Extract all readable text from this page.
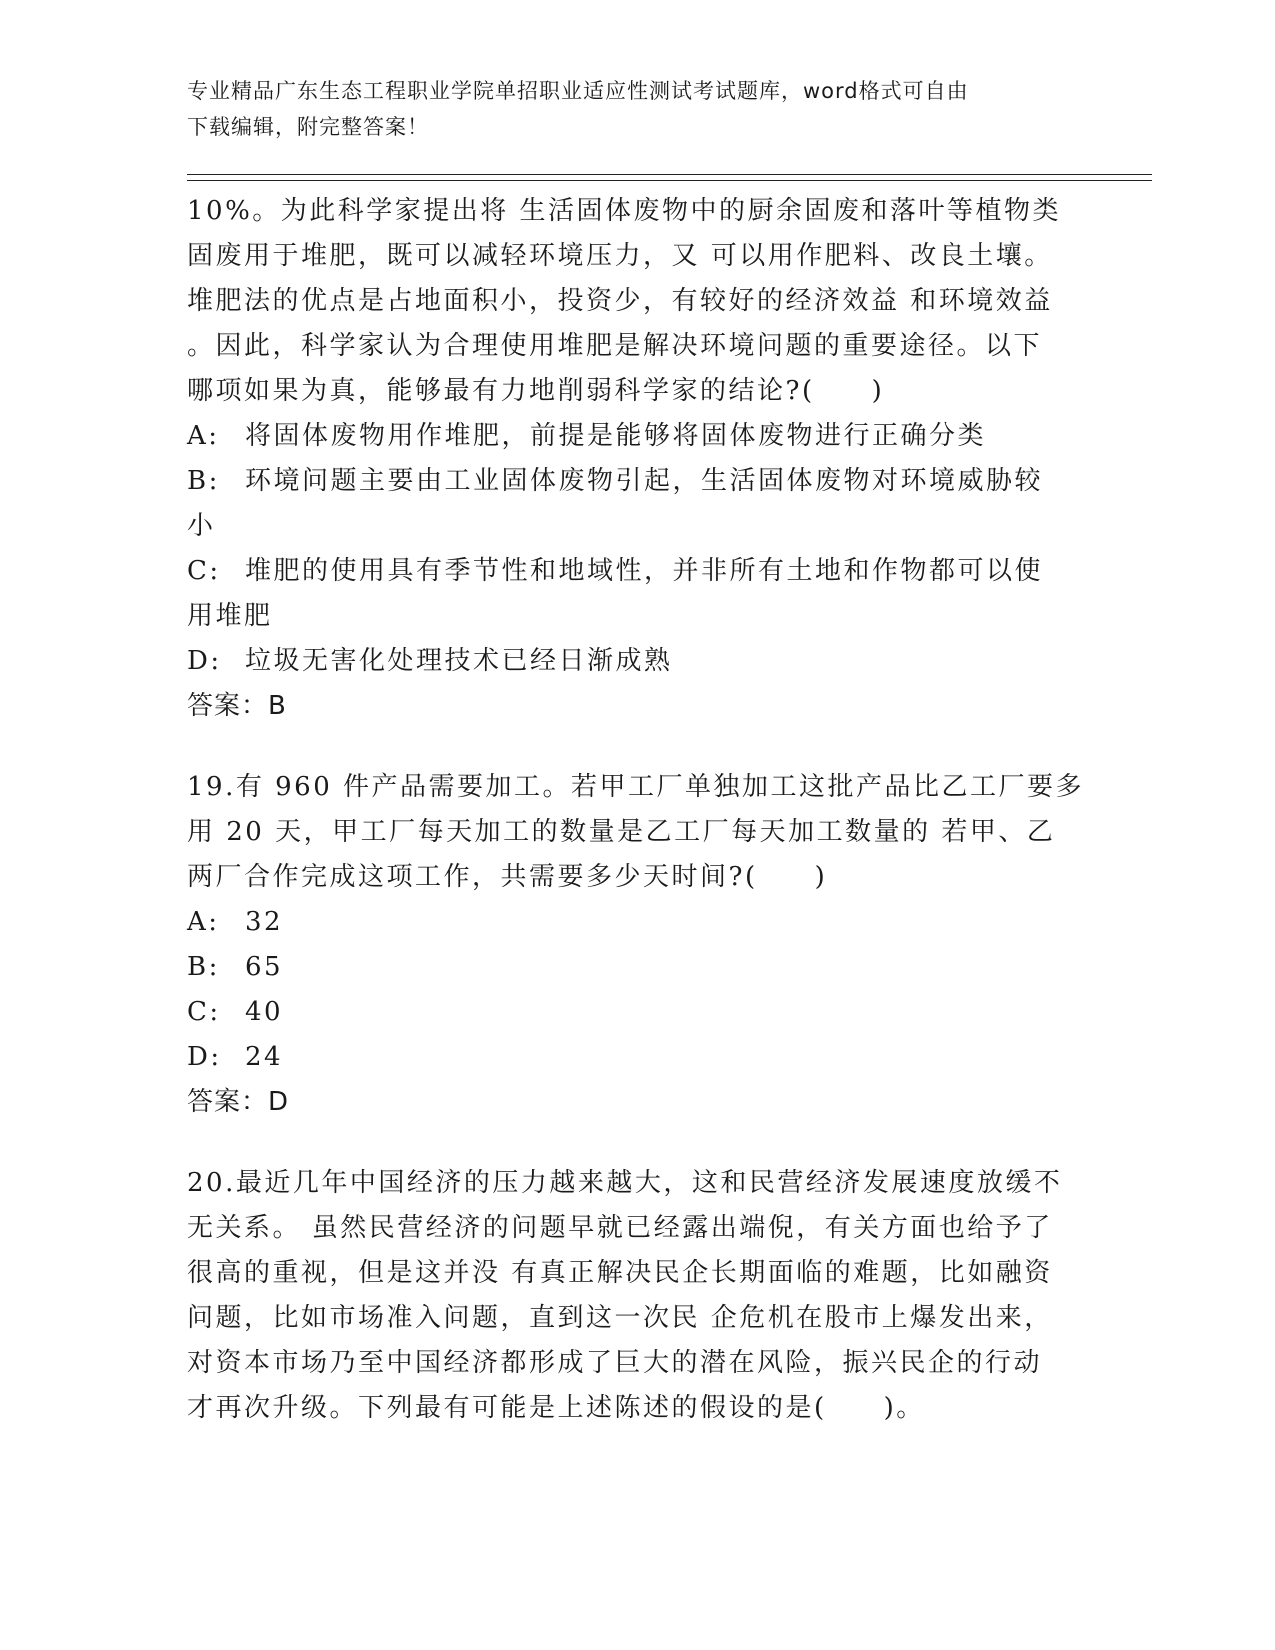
专业精品广东生态工程职业学院单招职业适应性测试考试题库，word格式可自由
下载编辑，附完整答案！
10%。为此科学家提出将 生活固体废物中的厨余固废和落叶等植物类
固废用于堆肥，既可以减轻环境压力，又 可以用作肥料、改良土壤。
堆肥法的优点是占地面积小，投资少，有较好的经济效益 和环境效益
。因此，科学家认为合理使用堆肥是解决环境问题的重要途径。以下
哪项如果为真，能够最有力地削弱科学家的结论?(　　)
A: 将固体废物用作堆肥，前提是能够将固体废物进行正确分类
B: 环境问题主要由工业固体废物引起，生活固体废物对环境威胁较
小
C: 堆肥的使用具有季节性和地域性，并非所有土地和作物都可以使
用堆肥
D: 垃圾无害化处理技术已经日渐成熟
答案：B
19.有 960 件产品需要加工。若甲工厂单独加工这批产品比乙工厂要多
用 20 天，甲工厂每天加工的数量是乙工厂每天加工数量的 若甲、乙
两厂合作完成这项工作，共需要多少天时间?(　　)
A: 32
B: 65
C: 40
D: 24
答案：D
20.最近几年中国经济的压力越来越大，这和民营经济发展速度放缓不
无关系。 虽然民营经济的问题早就已经露出端倪，有关方面也给予了
很高的重视，但是这并没 有真正解决民企长期面临的难题，比如融资
问题，比如市场准入问题，直到这一次民 企危机在股市上爆发出来，
对资本市场乃至中国经济都形成了巨大的潜在风险，振兴民企的行动
才再次升级。下列最有可能是上述陈述的假设的是(　　)。
